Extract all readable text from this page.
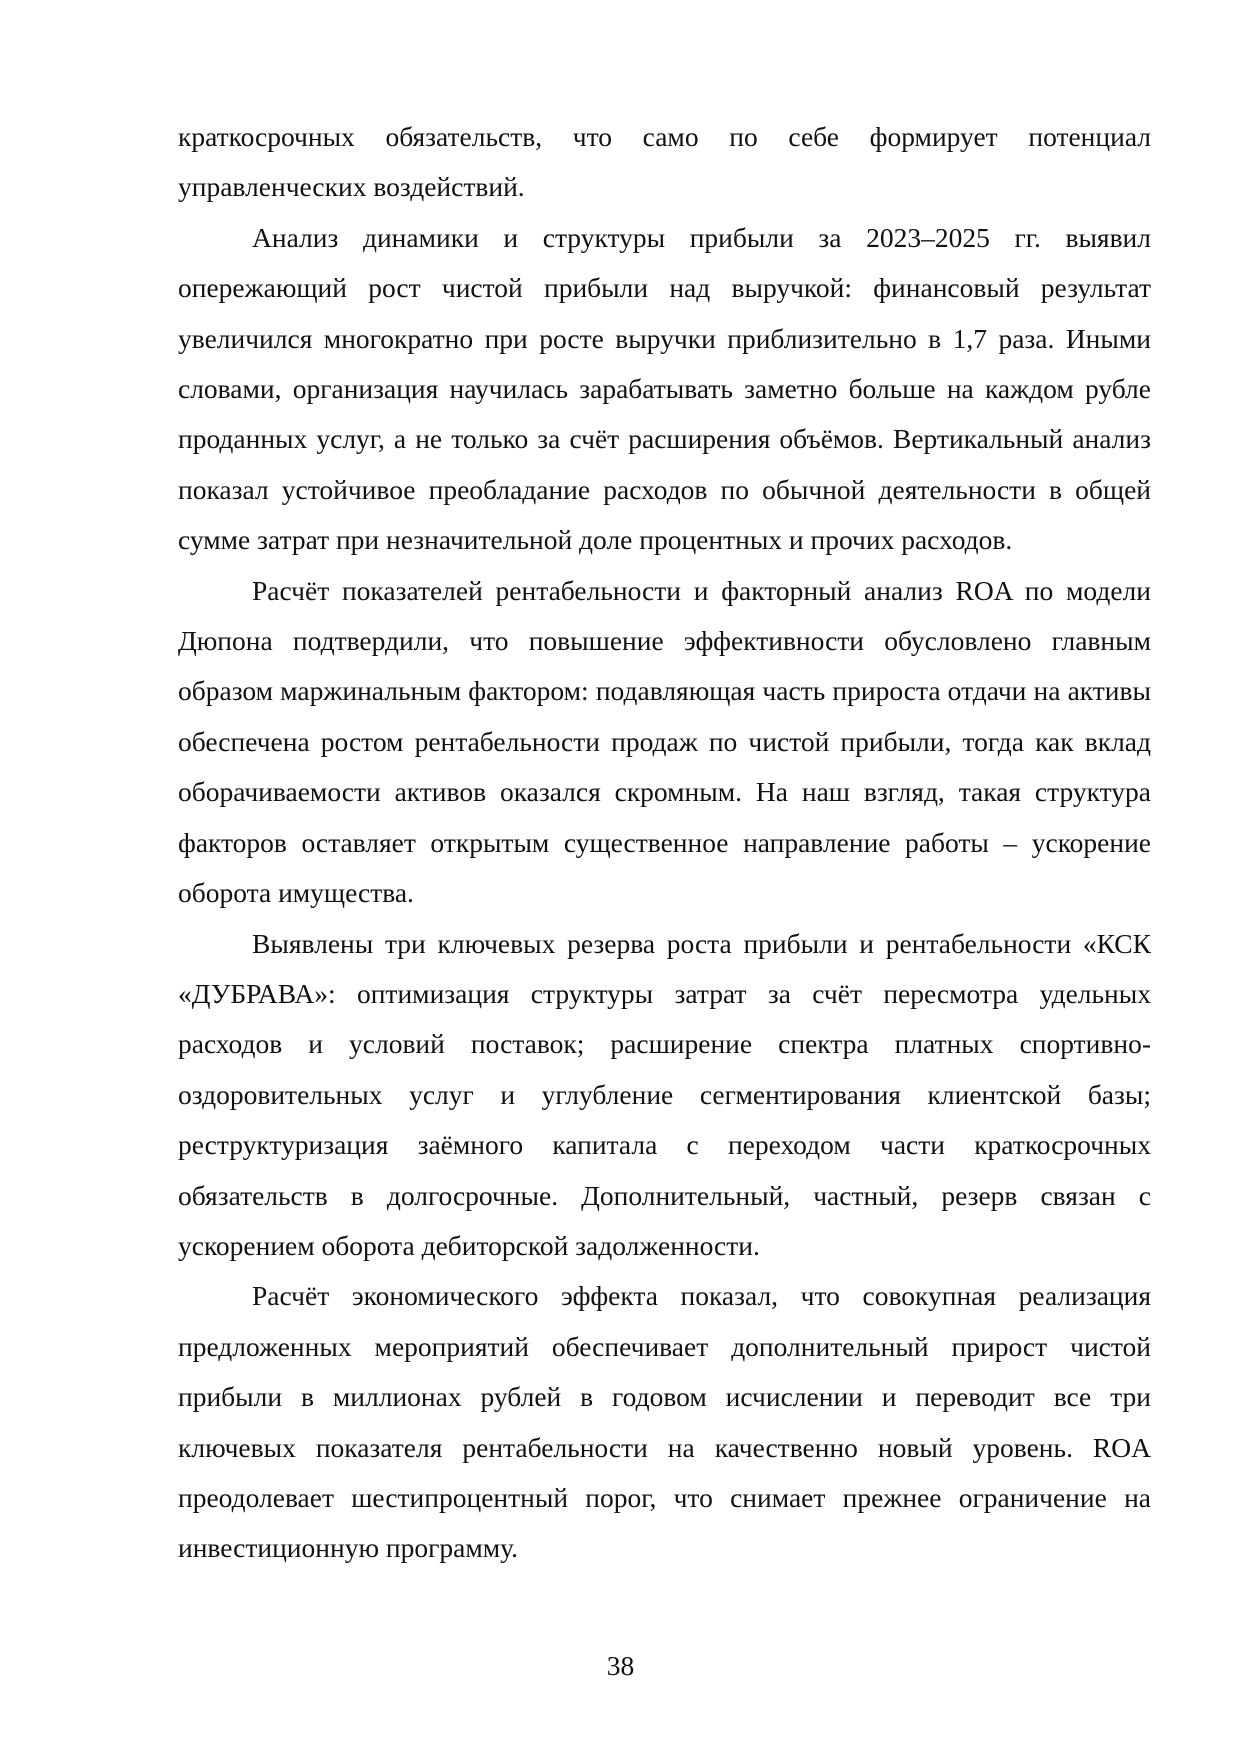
краткосрочных обязательств, что само по себе формирует потенциал управленческих воздействий.

Анализ динамики и структуры прибыли за 2023–2025 гг. выявил опережающий рост чистой прибыли над выручкой: финансовый результат увеличился многократно при росте выручки приблизительно в 1,7 раза. Иными словами, организация научилась зарабатывать заметно больше на каждом рубле проданных услуг, а не только за счёт расширения объёмов. Вертикальный анализ показал устойчивое преобладание расходов по обычной деятельности в общей сумме затрат при незначительной доле процентных и прочих расходов.

Расчёт показателей рентабельности и факторный анализ ROA по модели Дюпона подтвердили, что повышение эффективности обусловлено главным образом маржинальным фактором: подавляющая часть прироста отдачи на активы обеспечена ростом рентабельности продаж по чистой прибыли, тогда как вклад оборачиваемости активов оказался скромным. На наш взгляд, такая структура факторов оставляет открытым существенное направление работы – ускорение оборота имущества.

Выявлены три ключевых резерва роста прибыли и рентабельности «КСК «ДУБРАВА»: оптимизация структуры затрат за счёт пересмотра удельных расходов и условий поставок; расширение спектра платных спортивно-оздоровительных услуг и углубление сегментирования клиентской базы; реструктуризация заёмного капитала с переходом части краткосрочных обязательств в долгосрочные. Дополнительный, частный, резерв связан с ускорением оборота дебиторской задолженности.

Расчёт экономического эффекта показал, что совокупная реализация предложенных мероприятий обеспечивает дополнительный прирост чистой прибыли в миллионах рублей в годовом исчислении и переводит все три ключевых показателя рентабельности на качественно новый уровень. ROA преодолевает шестипроцентный порог, что снимает прежнее ограничение на инвестиционную программу.

38
